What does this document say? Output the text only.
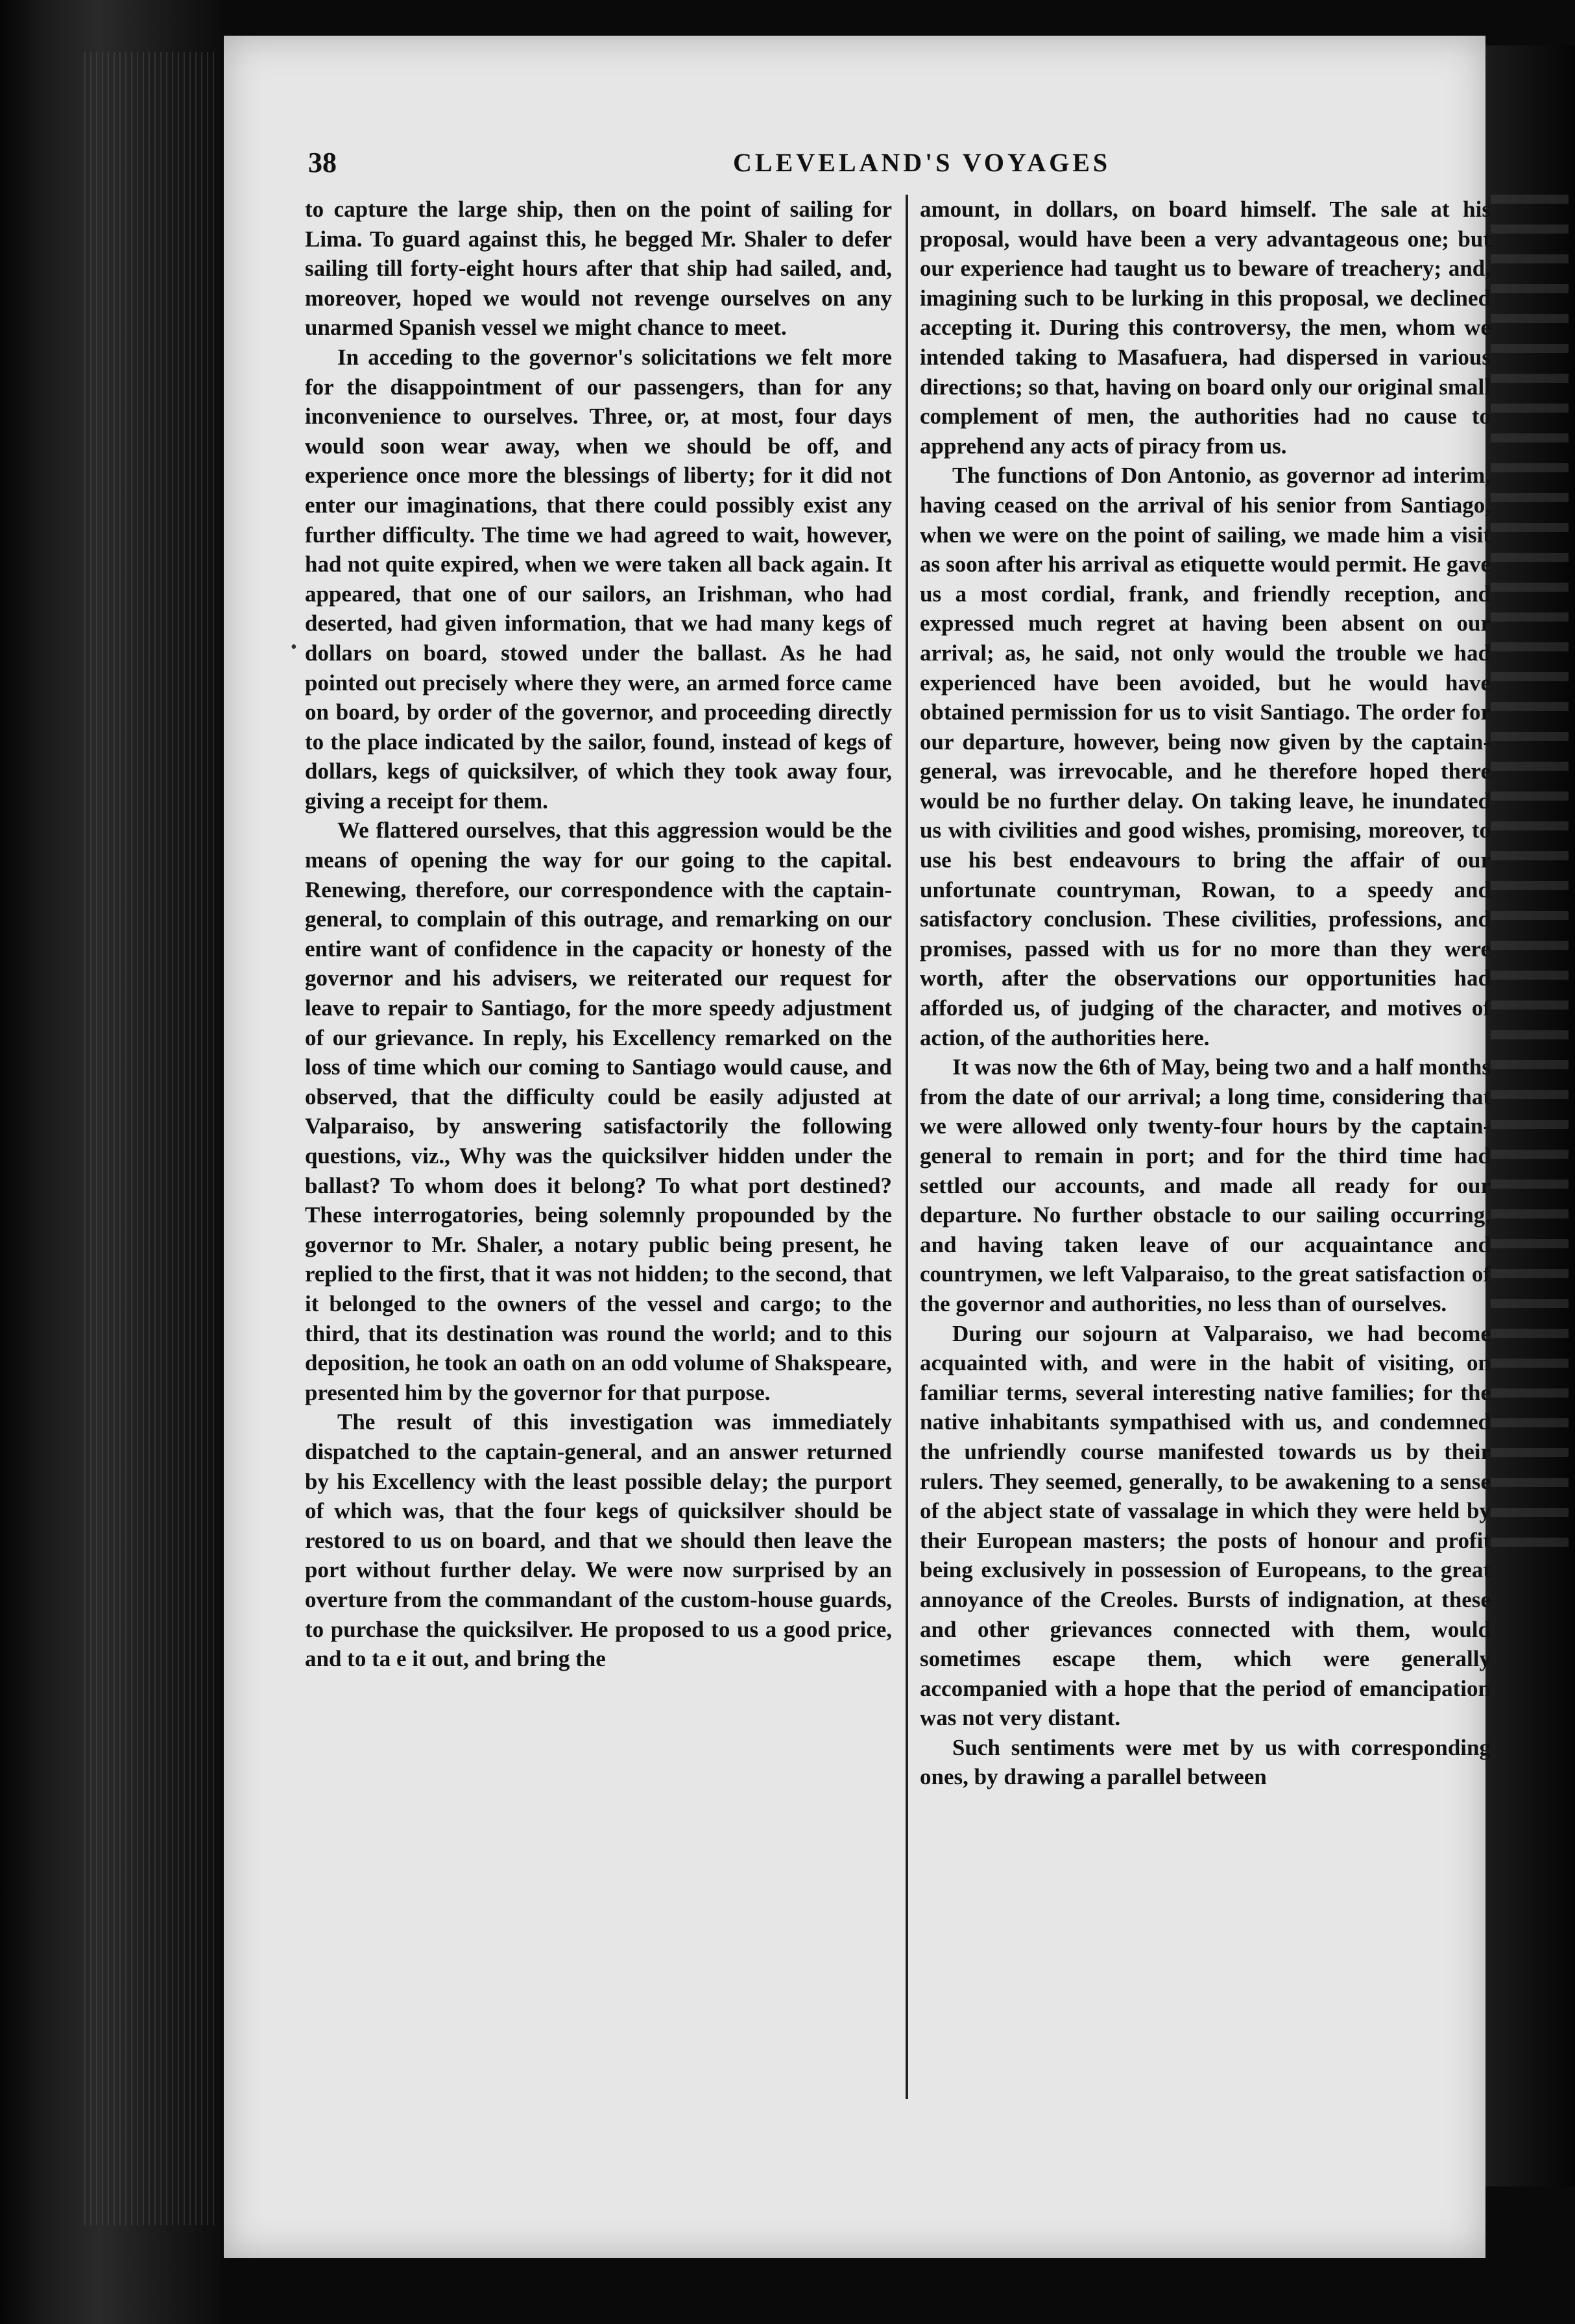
38	CLEVELAND'S VOYAGES
•

to capture the large ship, then on the point of sailing for Lima. To guard against this, he begged Mr. Shaler to defer sailing till forty-eight hours after that ship had sailed, and, moreover, hoped we would not revenge ourselves on any unarmed Spanish vessel we might chance to meet.

In acceding to the governor's solicitations we felt more for the disappointment of our passengers, than for any inconvenience to ourselves. Three, or, at most, four days would soon wear away, when we should be off, and experience once more the blessings of liberty; for it did not enter our imaginations, that there could possibly exist any further difficulty. The time we had agreed to wait, however, had not quite expired, when we were taken all back again. It appeared, that one of our sailors, an Irishman, who had deserted, had given information, that we had many kegs of dollars on board, stowed under the ballast. As he had pointed out precisely where they were, an armed force came on board, by order of the governor, and proceeding directly to the place indicated by the sailor, found, instead of kegs of dollars, kegs of quicksilver, of which they took away four, giving a receipt for them.

We flattered ourselves, that this aggression would be the means of opening the way for our going to the capital. Renewing, therefore, our correspondence with the captain-general, to complain of this outrage, and remarking on our entire want of confidence in the capacity or honesty of the governor and his advisers, we reiterated our request for leave to repair to Santiago, for the more speedy adjustment of our grievance. In reply, his Excellency remarked on the loss of time which our coming to Santiago would cause, and observed, that the difficulty could be easily adjusted at Valparaiso, by answering satisfactorily the following questions, viz., Why was the quicksilver hidden under the ballast? To whom does it belong? To what port destined? These interrogatories, being solemnly propounded by the governor to Mr. Shaler, a notary public being present, he replied to the first, that it was not hidden; to the second, that it belonged to the owners of the vessel and cargo; to the third, that its destination was round the world; and to this deposition, he took an oath on an odd volume of Shakspeare, presented him by the governor for that purpose.

The result of this investigation was immediately dispatched to the captain-general, and an answer returned by his Excellency with the least possible delay; the purport of which was, that the four kegs of quicksilver should be restored to us on board, and that we should then leave the port without further delay. We were now surprised by an overture from the commandant of the custom-house guards, to purchase the quicksilver. He proposed to us a good price, and to ta e it out, and bring the

amount, in dollars, on board himself. The sale at his proposal, would have been a very advantageous one; but our experience had taught us to beware of treachery; and, imagining such to be lurking in this proposal, we declined accepting it. During this controversy, the men, whom we intended taking to Masafuera, had dispersed in various directions; so that, having on board only our original small complement of men, the authorities had no cause to apprehend any acts of piracy from us.

The functions of Don Antonio, as governor ad interim, having ceased on the arrival of his senior from Santiago, when we were on the point of sailing, we made him a visit as soon after his arrival as etiquette would permit. He gave us a most cordial, frank, and friendly reception, and expressed much regret at having been absent on our arrival; as, he said, not only would the trouble we had experienced have been avoided, but he would have obtained permission for us to visit Santiago. The order for our departure, however, being now given by the captain-general, was irrevocable, and he therefore hoped there would be no further delay. On taking leave, he inundated us with civilities and good wishes, promising, moreover, to use his best endeavours to bring the affair of our unfortunate countryman, Rowan, to a speedy and satisfactory conclusion. These civilities, professions, and promises, passed with us for no more than they were worth, after the observations our opportunities had afforded us, of judging of the character, and motives of action, of the authorities here.

It was now the 6th of May, being two and a half months from the date of our arrival; a long time, considering that we were allowed only twenty-four hours by the captain-general to remain in port; and for the third time had settled our accounts, and made all ready for our departure. No further obstacle to our sailing occurring, and having taken leave of our acquaintance and countrymen, we left Valparaiso, to the great satisfaction of the governor and authorities, no less than of ourselves.

During our sojourn at Valparaiso, we had become acquainted with, and were in the habit of visiting, on familiar terms, several interesting native families; for the native inhabitants sympathised with us, and condemned the unfriendly course manifested towards us by their rulers. They seemed, generally, to be awakening to a sense of the abject state of vassalage in which they were held by their European masters; the posts of honour and profit being exclusively in possession of Europeans, to the great annoyance of the Creoles. Bursts of indignation, at these and other grievances connected with them, would sometimes escape them, which were generally accompanied with a hope that the period of emancipation was not very distant.

Such sentiments were met by us with corresponding ones, by drawing a parallel between
